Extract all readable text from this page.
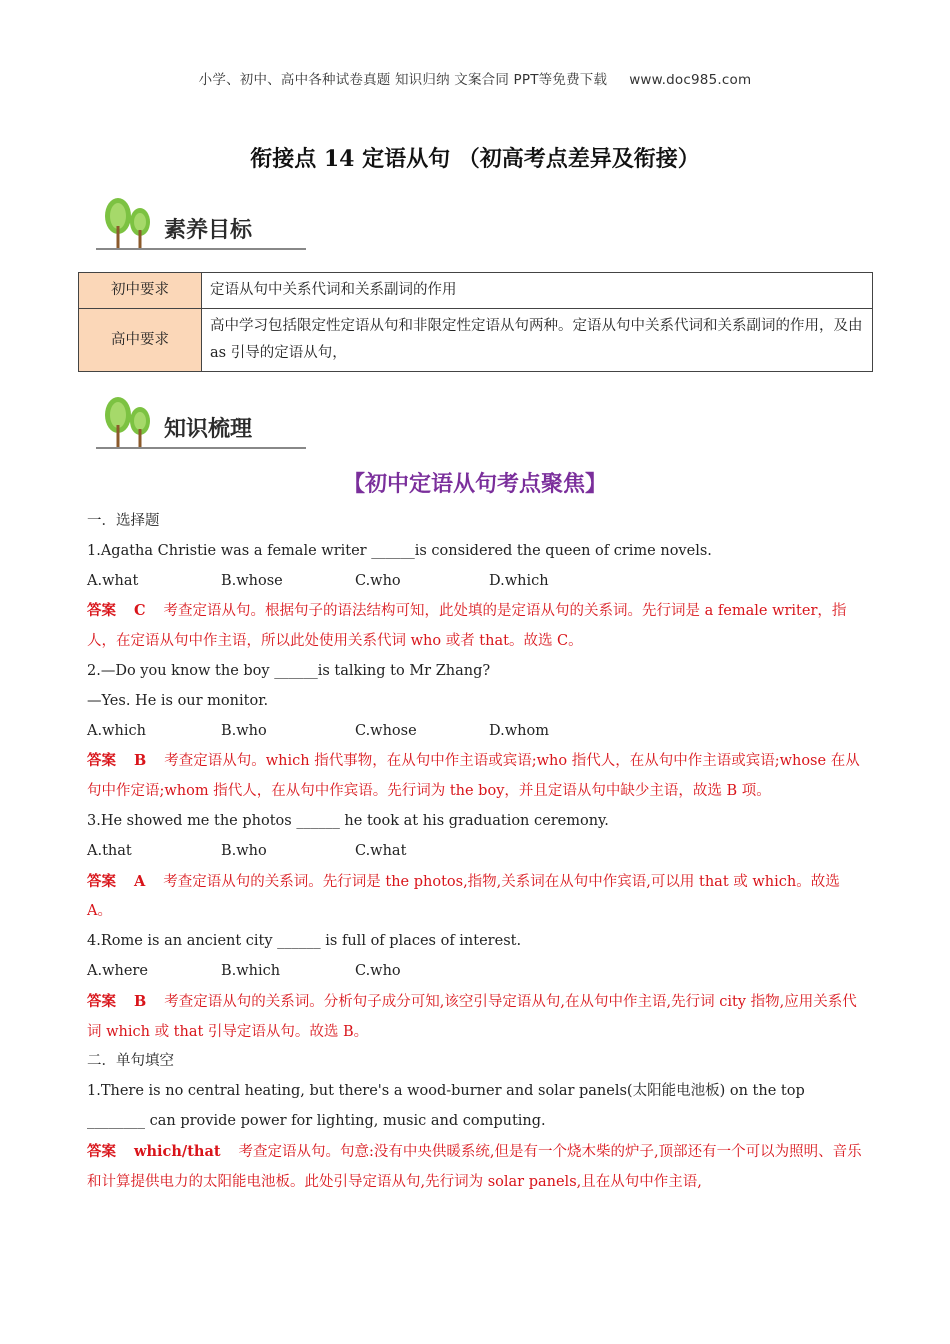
小学、初中、高中各种试卷真题 知识归纳 文案合同 PPT等免费下载 www.doc985.com
衔接点 14 定语从句 （初高考点差异及衔接）
素养目标
初中要求	定语从句中关系代词和关系副词的作用
高中要求	高中学习包括限定性定语从句和非限定性定语从句两种。定语从句中关系代词和关系副词的作用，及由 as 引导的定语从句，
知识梳理
【初中定语从句考点聚焦】

一．选择题

1.Agatha Christie was a female writer ______is considered the queen of crime novels.

A.what	B.whose	C.who	D.which

答案 C 考查定语从句。根据句子的语法结构可知，此处填的是定语从句的关系词。先行词是 a female writer，指人，在定语从句中作主语，所以此处使用关系代词 who 或者 that。故选 C。

2.—Do you know the boy ______is talking to Mr Zhang?

—Yes. He is our monitor.

A.which	B.who	C.whose	D.whom

答案 B 考查定语从句。which 指代事物，在从句中作主语或宾语;who 指代人，在从句中作主语或宾语;whose 在从句中作定语;whom 指代人，在从句中作宾语。先行词为 the boy，并且定语从句中缺少主语，故选 B 项。

3.He showed me the photos ______ he took at his graduation ceremony.

A.that	B.who	C.what

答案 A 考查定语从句的关系词。先行词是 the photos,指物,关系词在从句中作宾语,可以用 that 或 which。故选 A。

4.Rome is an ancient city ______ is full of places of interest.

A.where	B.which	C.who

答案 B 考查定语从句的关系词。分析句子成分可知,该空引导定语从句,在从句中作主语,先行词 city 指物,应用关系代词 which 或 that 引导定语从句。故选 B。

二．单句填空

1.There is no central heating, but there's a wood-burner and solar panels(太阳能电池板) on the top ________ can provide power for lighting, music and computing.

答案 which/that 考查定语从句。句意:没有中央供暖系统,但是有一个烧木柴的炉子,顶部还有一个可以为照明、音乐和计算提供电力的太阳能电池板。此处引导定语从句,先行词为 solar panels,且在从句中作主语,
